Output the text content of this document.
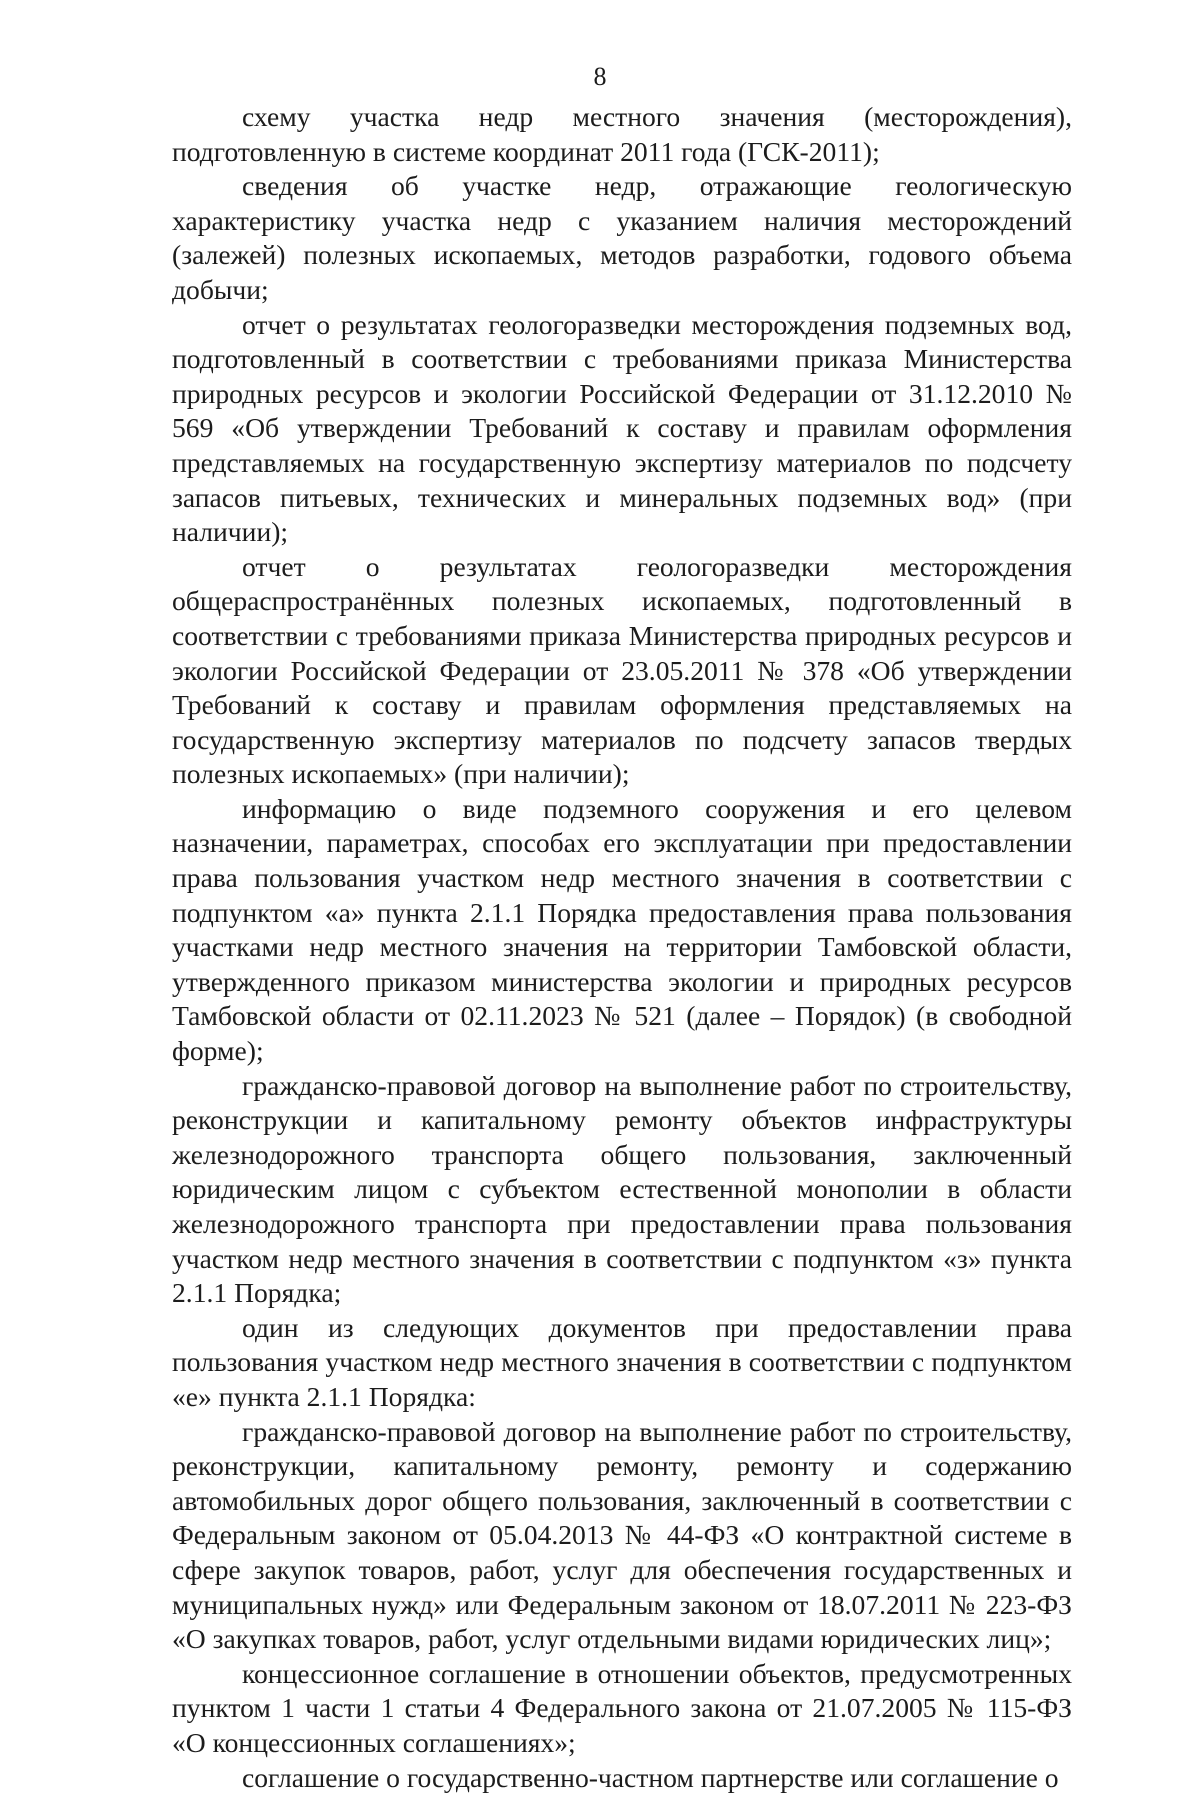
8

схему участка недр местного значения (месторождения), подготовленную в системе координат 2011 года (ГСК-2011);

сведения об участке недр, отражающие геологическую характеристику участка недр с указанием наличия месторождений (залежей) полезных ископаемых, методов разработки, годового объема добычи;

отчет о результатах геологоразведки месторождения подземных вод, подготовленный в соответствии с требованиями приказа Министерства природных ресурсов и экологии Российской Федерации от 31.12.2010 № 569 «Об утверждении Требований к составу и правилам оформления представляемых на государственную экспертизу материалов по подсчету запасов питьевых, технических и минеральных подземных вод» (при наличии);

отчет о результатах геологоразведки месторождения общераспространённых полезных ископаемых, подготовленный в соответствии с требованиями приказа Министерства природных ресурсов и экологии Российской Федерации от 23.05.2011 № 378 «Об утверждении Требований к составу и правилам оформления представляемых на государственную экспертизу материалов по подсчету запасов твердых полезных ископаемых» (при наличии);

информацию о виде подземного сооружения и его целевом назначении, параметрах, способах его эксплуатации при предоставлении права пользования участком недр местного значения в соответствии с подпунктом «а» пункта 2.1.1 Порядка предоставления права пользования участками недр местного значения на территории Тамбовской области, утвержденного приказом министерства экологии и природных ресурсов Тамбовской области от 02.11.2023 № 521 (далее – Порядок) (в свободной форме);

гражданско-правовой договор на выполнение работ по строительству, реконструкции и капитальному ремонту объектов инфраструктуры железнодорожного транспорта общего пользования, заключенный юридическим лицом с субъектом естественной монополии в области железнодорожного транспорта при предоставлении права пользования участком недр местного значения в соответствии с подпунктом «з» пункта 2.1.1 Порядка;

один из следующих документов при предоставлении права пользования участком недр местного значения в соответствии с подпунктом «е» пункта 2.1.1 Порядка:

гражданско-правовой договор на выполнение работ по строительству, реконструкции, капитальному ремонту, ремонту и содержанию автомобильных дорог общего пользования, заключенный в соответствии с Федеральным законом от 05.04.2013 № 44-ФЗ «О контрактной системе в сфере закупок товаров, работ, услуг для обеспечения государственных и муниципальных нужд» или Федеральным законом от 18.07.2011 № 223-ФЗ «О закупках товаров, работ, услуг отдельными видами юридических лиц»;

концессионное соглашение в отношении объектов, предусмотренных пунктом 1 части 1 статьи 4 Федерального закона от 21.07.2005 № 115-ФЗ «О концессионных соглашениях»;

соглашение о государственно-частном партнерстве или соглашение о
